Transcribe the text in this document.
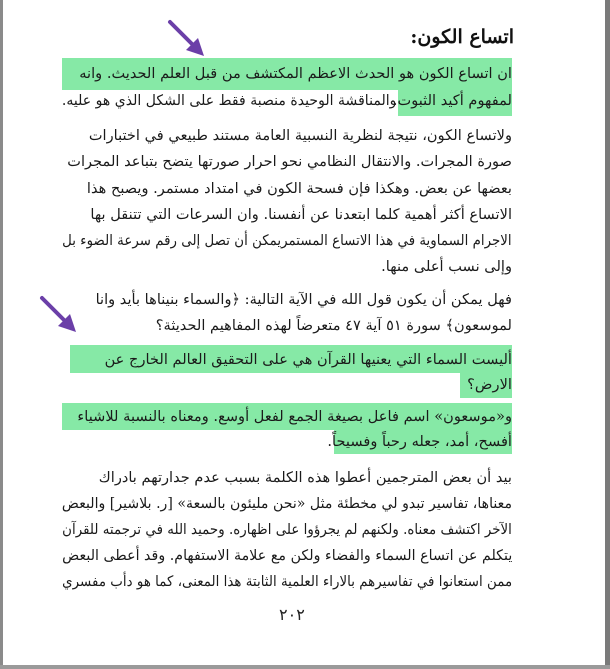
اتساع الكون:
ان اتساع الكون هو الحدث الاعظم المكتشف من قبل العلم الحديث. وانه
لمفهوم أكيد الثبوت.
والمناقشة الوحيدة منصبة فقط على الشكل الذي هو عليه.
ولاتساع الكون، نتيجة لنظرية النسبية العامة مستند طبيعي في اختبارات
صورة المجرات. والانتقال النظامي نحو احرار صورتها يتضح بتباعد المجرات
بعضها عن بعض. وهكذا فإن فسحة الكون في امتداد مستمر. ويصبح هذا
الاتساع أكثر أهمية كلما ابتعدنا عن أنفسنا. وان السرعات التي تتنقل بها
الاجرام السماوية في هذا الاتساع المستمريمكن أن تصل إلى رقم سرعة الضوء بل
وإلى نسب أعلى منها.
فهل يمكن أن يكون قول الله في الآية التالية: ﴿والسماء بنيناها بأيد وانا
لموسعون﴾ سورة ٥١ آية ٤٧ متعرضاً لهذه المفاهيم الحديثة؟
أليست السماء التي يعنيها القرآن هي على التحقيق العالم الخارج عن
الارض؟
و«موسعون» اسم فاعل بصيغة الجمع لفعل أوسع. ومعناه بالنسبة للاشياء
أفسح، أمد، جعله رحباً وفسيحاً.
بيد أن بعض المترجمين أعطوا هذه الكلمة بسبب عدم جدارتهم بادراك
معناها، تفاسير تبدو لي مخطئة مثل «نحن مليئون بالسعة» [ر. بلاشير] والبعض
الآخر اكتشف معناه. ولكنهم لم يجرؤوا على اظهاره. وحميد الله في ترجمته للقرآن
يتكلم عن اتساع السماء والفضاء ولكن مع علامة الاستفهام. وقد أعطى البعض
ممن استعانوا في تفاسيرهم بالاراء العلمية الثابتة هذا المعنى، كما هو دأب مفسري
٢٠٢
